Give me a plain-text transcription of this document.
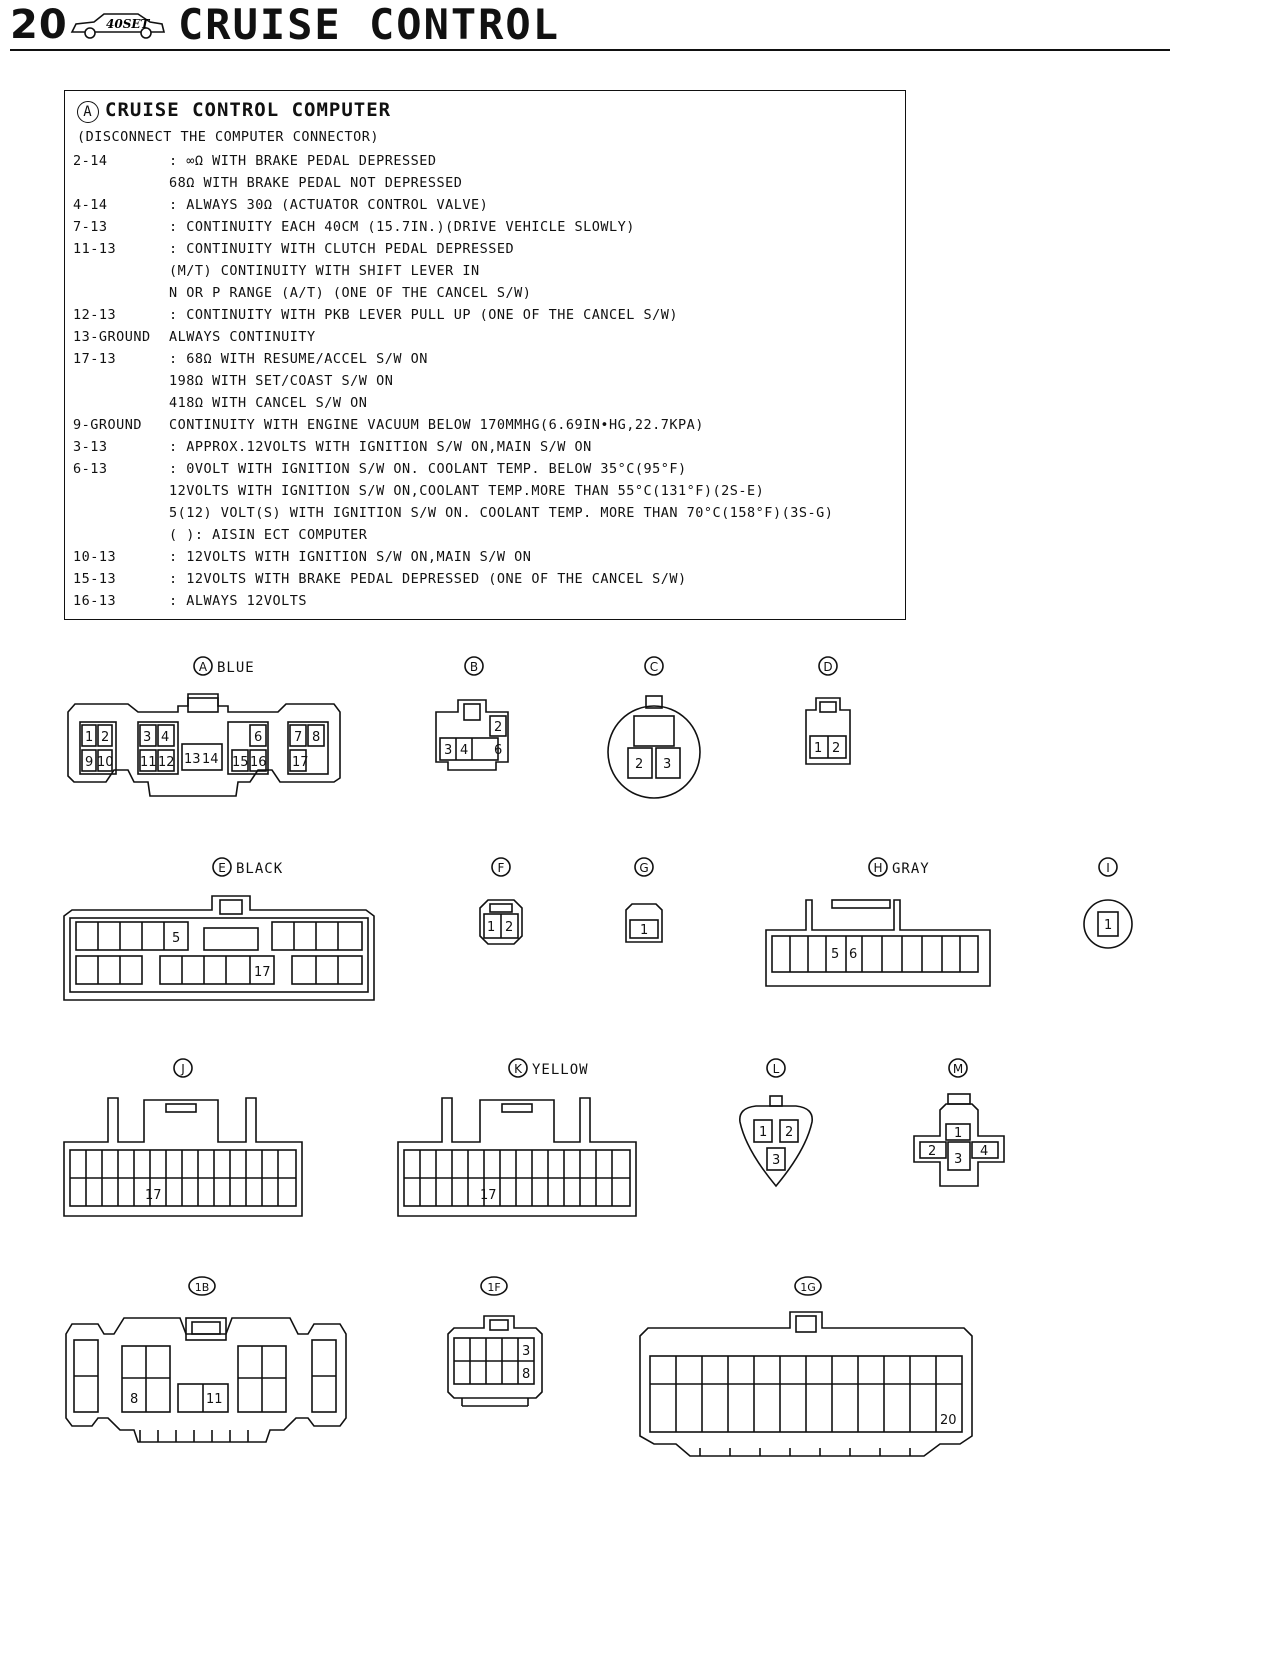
20	40SET CRUISE CONTROL
A CRUISE CONTROL COMPUTER
(DISCONNECT THE COMPUTER CONNECTOR)
2-14	: ∞Ω WITH BRAKE PEDAL DEPRESSED
68Ω WITH BRAKE PEDAL NOT DEPRESSED
4-14	: ALWAYS 30Ω (ACTUATOR CONTROL VALVE)
7-13	: CONTINUITY EACH 40CM (15.7IN.)(DRIVE VEHICLE SLOWLY)
11-13	: CONTINUITY WITH CLUTCH PEDAL DEPRESSED
(M/T) CONTINUITY WITH SHIFT LEVER IN
N OR P RANGE (A/T) (ONE OF THE CANCEL S/W)
12-13	: CONTINUITY WITH PKB LEVER PULL UP (ONE OF THE CANCEL S/W)
13-GROUND	ALWAYS CONTINUITY
17-13	: 68Ω WITH RESUME/ACCEL S/W ON
198Ω WITH SET/COAST S/W ON
418Ω WITH CANCEL S/W ON
9-GROUND	CONTINUITY WITH ENGINE VACUUM BELOW 170MMHG(6.69IN•HG,22.7KPA)
3-13	: APPROX.12VOLTS WITH IGNITION S/W ON,MAIN S/W ON
6-13	: 0VOLT WITH IGNITION S/W ON. COOLANT TEMP. BELOW 35°C(95°F)
12VOLTS WITH IGNITION S/W ON,COOLANT TEMP.MORE THAN 55°C(131°F)(2S-E)
5(12) VOLT(S) WITH IGNITION S/W ON. COOLANT TEMP. MORE THAN 70°C(158°F)(3S-G)
( ): AISIN ECT COMPUTER
10-13	: 12VOLTS WITH IGNITION S/W ON,MAIN S/W ON
15-13	: 12VOLTS WITH BRAKE PEDAL DEPRESSED (ONE OF THE CANCEL S/W)
16-13	: ALWAYS 12VOLTS
A BLUE
1 2	3 4	6 7 8
9 10 11 12 13 14 15 16 17
B
2
3 4 6
C
2 3
D
1 2
E BLACK
5
17
F
1 2
G
1
H GRAY
5 6
I
1
J
17
K YELLOW
17
L
1 2
3
M
1
2
3
4
1B
8	11
1F
3
8
1G
20
